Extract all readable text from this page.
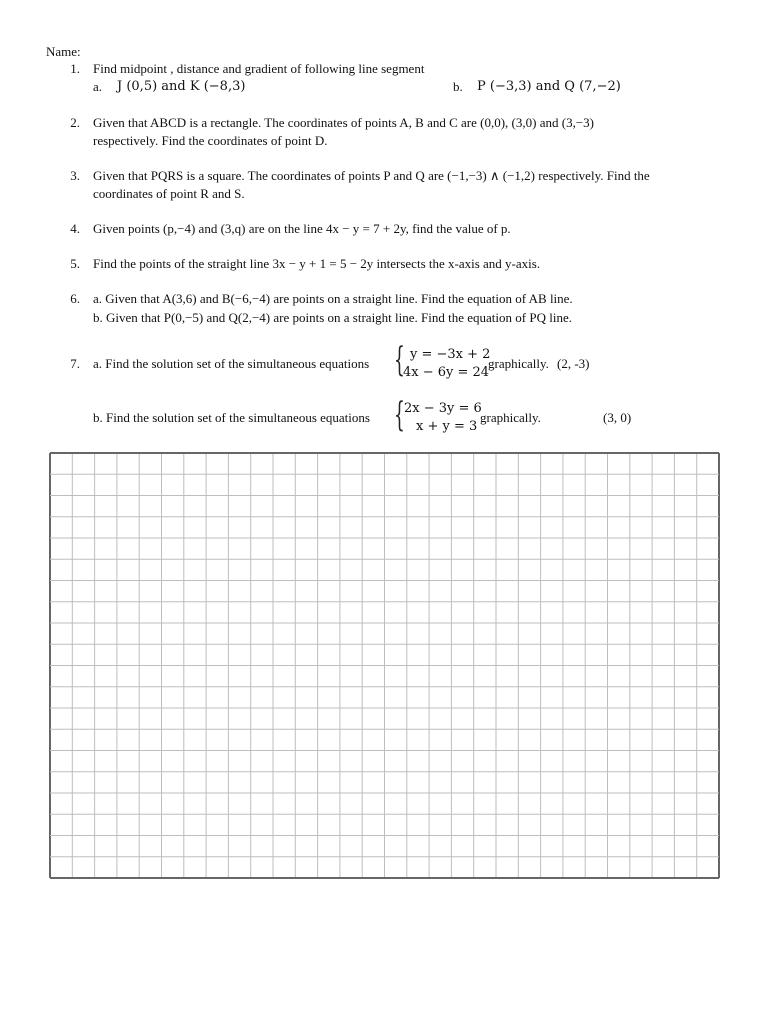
Name:
1. Find midpoint , distance and gradient of following line segment
a. J (0,5) and K (−8,3)	b. P (−3,3) and Q (7,−2)
2. Given that ABCD is a rectangle. The coordinates of points A, B and C are (0,0), (3,0) and (3,−3)
respectively. Find the coordinates of point D.
3. Given that PQRS is a square. The coordinates of points P and Q are (−1,−3) ∧ (−1,2) respectively. Find the
coordinates of point R and S.
4. Given points (p,−4) and (3,q) are on the line 4x − y = 7 + 2y, find the value of p.
5. Find the points of the straight line 3x − y + 1 = 5 − 2y intersects the x-axis and y-axis.
6. a. Given that A(3,6) and B(−6,−4) are points on a straight line. Find the equation of AB line.
b. Given that P(0,−5) and Q(2,−4) are points on a straight line. Find the equation of PQ line.
7. a. Find the solution set of the simultaneous equations { y = −3x + 2
4x − 6y = 24
graphically. (2, -3)
b. Find the solution set of the simultaneous equations { 2x − 3y = 6
x + y = 3
graphically.	(3, 0)
